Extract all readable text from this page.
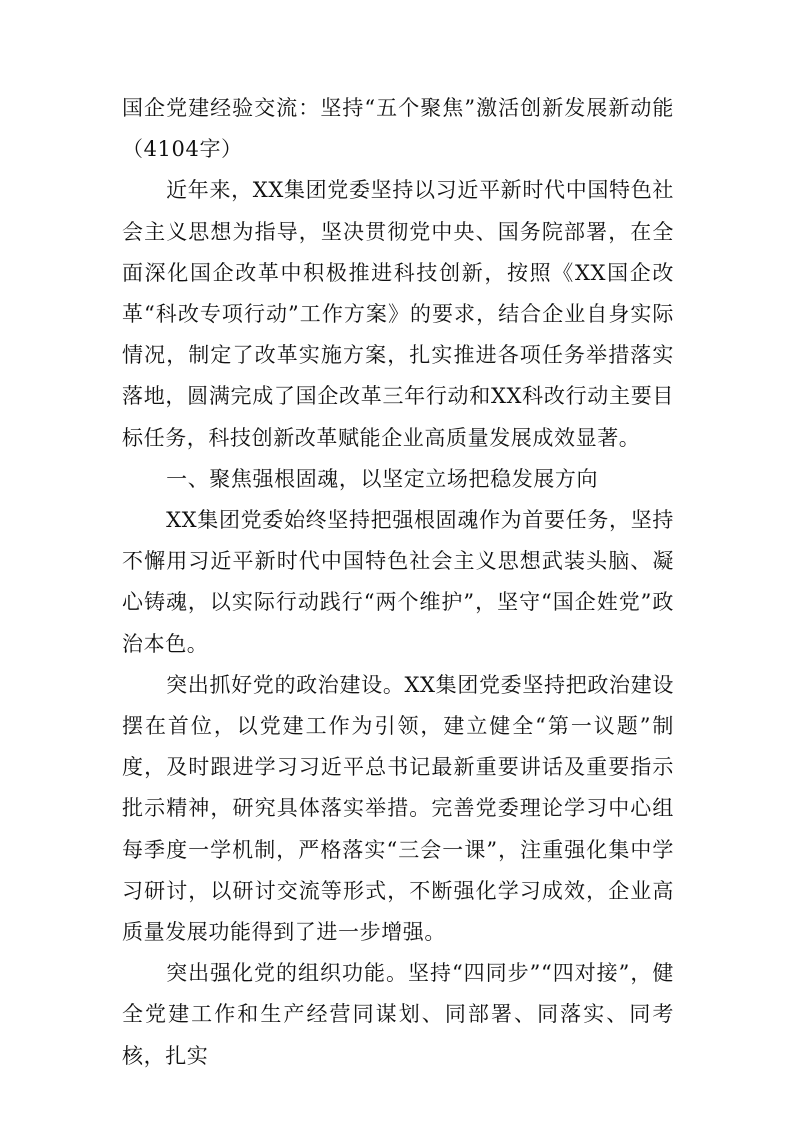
国企党建经验交流：坚持“五个聚焦”激活创新发展新动能（4104字）

近年来，XX集团党委坚持以习近平新时代中国特色社会主义思想为指导，坚决贯彻党中央、国务院部署，在全面深化国企改革中积极推进科技创新，按照《XX国企改革“科改专项行动”工作方案》的要求，结合企业自身实际情况，制定了改革实施方案，扎实推进各项任务举措落实落地，圆满完成了国企改革三年行动和XX科改行动主要目标任务，科技创新改革赋能企业高质量发展成效显著。

一、聚焦强根固魂，以坚定立场把稳发展方向

XX集团党委始终坚持把强根固魂作为首要任务，坚持不懈用习近平新时代中国特色社会主义思想武装头脑、凝心铸魂，以实际行动践行“两个维护”，坚守“国企姓党”政治本色。

突出抓好党的政治建设。XX集团党委坚持把政治建设摆在首位，以党建工作为引领，建立健全“第一议题”制度，及时跟进学习习近平总书记最新重要讲话及重要指示批示精神，研究具体落实举措。完善党委理论学习中心组每季度一学机制，严格落实“三会一课”，注重强化集中学习研讨，以研讨交流等形式，不断强化学习成效，企业高质量发展功能得到了进一步增强。

突出强化党的组织功能。坚持“四同步”“四对接”，健全党建工作和生产经营同谋划、同部署、同落实、同考核，扎实
